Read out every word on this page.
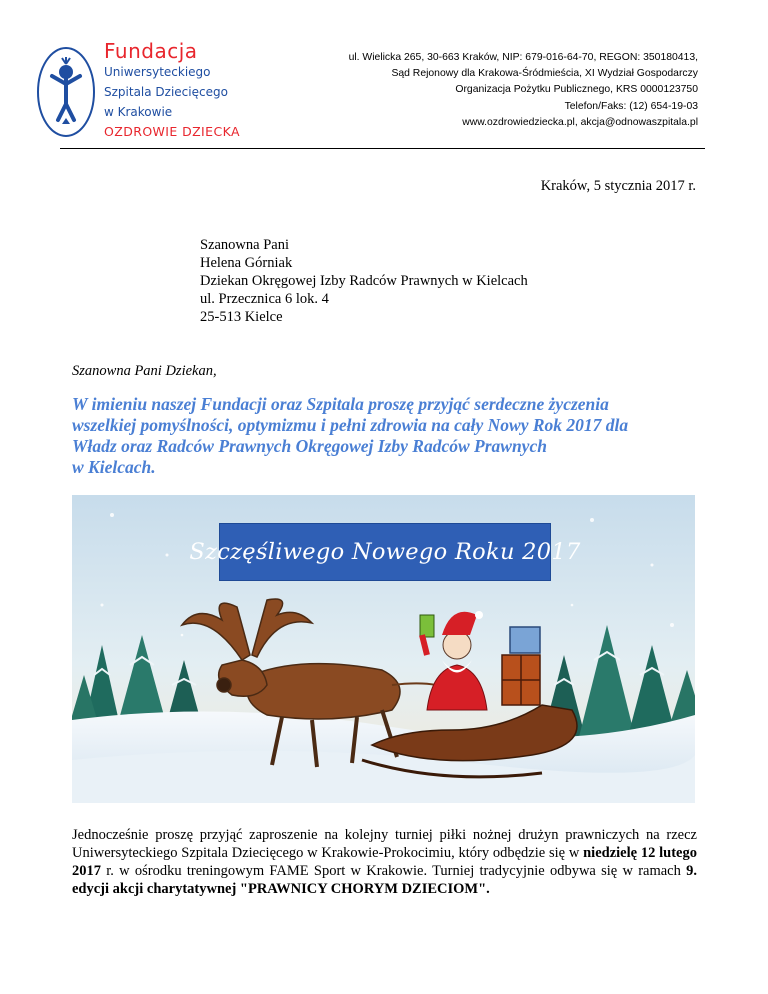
Fundacja
Uniwersyteckiego
Szpitala Dziecięcego
w Krakowie
OZDROWIE DZIECKA
ul. Wielicka 265, 30-663 Kraków, NIP: 679-016-64-70, REGON: 350180413,
Sąd Rejonowy dla Krakowa-Śródmieścia, XI Wydział Gospodarczy
Organizacja Pożytku Publicznego, KRS 0000123750
Telefon/Faks: (12) 654-19-03
www.ozdrowiedziecka.pl, akcja@odnowaszpitala.pl
Kraków, 5 stycznia 2017 r.
Szanowna Pani
Helena Górniak
Dziekan Okręgowej Izby Radców Prawnych w Kielcach
ul. Przecznica 6 lok. 4
25-513 Kielce
Szanowna Pani Dziekan,
W imieniu naszej Fundacji oraz Szpitala proszę przyjąć serdeczne życzenia
wszelkiej pomyślności, optymizmu i pełni zdrowia na cały Nowy Rok 2017 dla
Władz oraz Radców Prawnych Okręgowej Izby Radców Prawnych
w Kielcach.
Szczęśliwego Nowego Roku 2017
Jednocześnie proszę przyjąć zaproszenie na kolejny turniej piłki nożnej drużyn prawniczych na rzecz Uniwersyteckiego Szpitala Dziecięcego w Krakowie-Prokocimiu, który odbędzie się w niedzielę 12 lutego 2017 r. w ośrodku treningowym FAME Sport w Krakowie. Turniej tradycyjnie odbywa się w ramach 9. edycji akcji charytatywnej "PRAWNICY CHORYM DZIECIOM".
